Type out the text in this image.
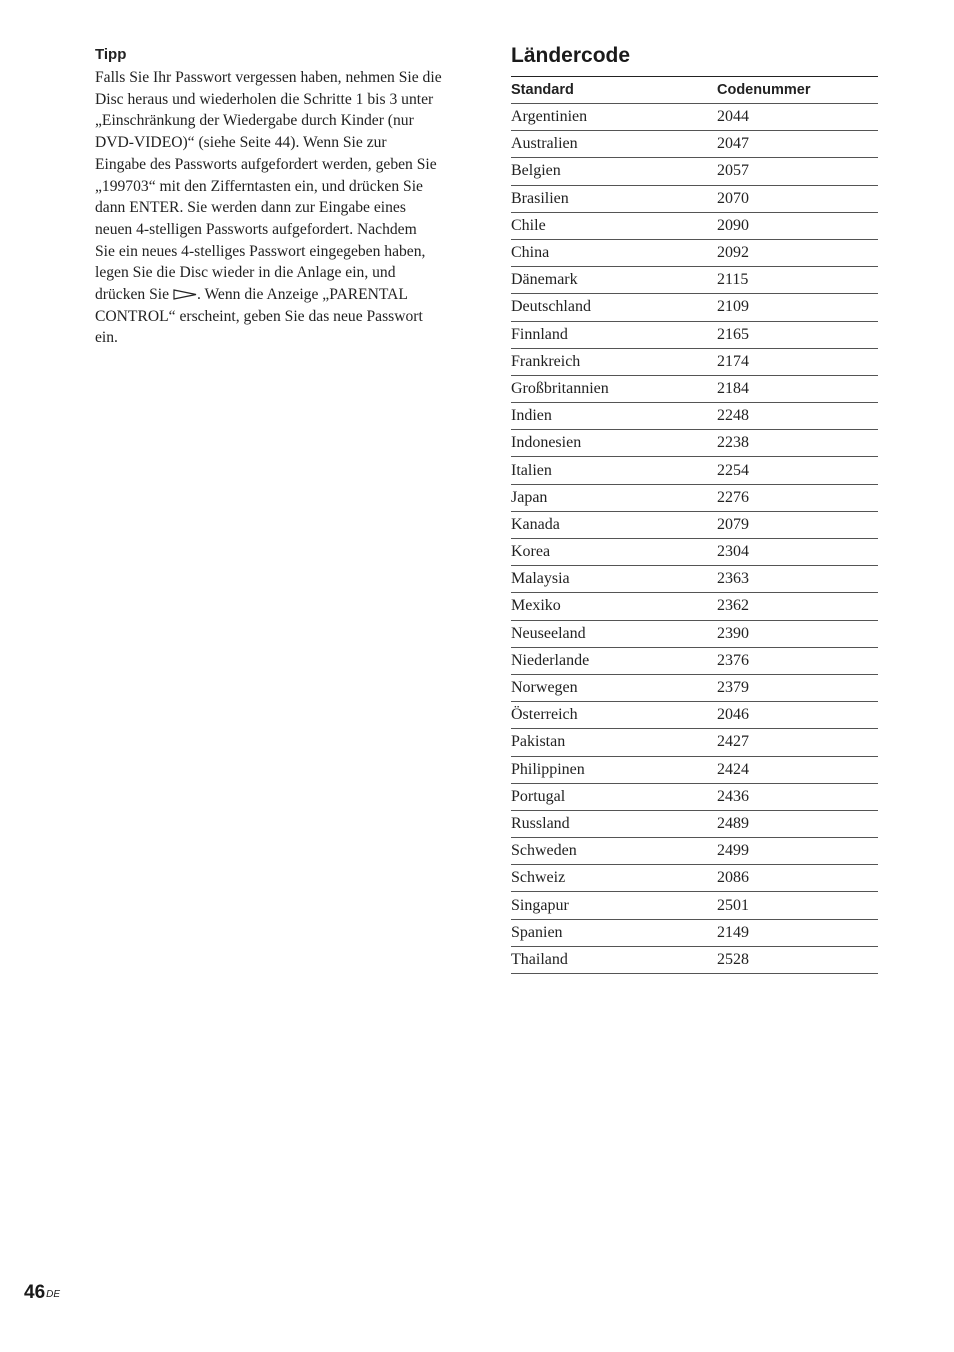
Tipp

Falls Sie Ihr Passwort vergessen haben, nehmen Sie die
Disc heraus und wiederholen die Schritte 1 bis 3 unter
„Einschränkung der Wiedergabe durch Kinder (nur
DVD-VIDEO)“ (siehe Seite 44). Wenn Sie zur
Eingabe des Passworts aufgefordert werden, geben Sie
„199703“ mit den Zifferntasten ein, und drücken Sie
dann ENTER. Sie werden dann zur Eingabe eines
neuen 4-stelligen Passworts aufgefordert. Nachdem
Sie ein neues 4-stelliges Passwort eingegeben haben,
legen Sie die Disc wieder in die Anlage ein, und
drücken Sie
. Wenn die Anzeige „PARENTAL
CONTROL“ erscheint, geben Sie das neue Passwort
ein.
Ländercode
Standard	Codenummer
Argentinien	2044
Australien	2047
Belgien	2057
Brasilien	2070
Chile	2090
China	2092
Dänemark	2115
Deutschland	2109
Finnland	2165
Frankreich	2174
Großbritannien	2184
Indien	2248
Indonesien	2238
Italien	2254
Japan	2276
Kanada	2079
Korea	2304
Malaysia	2363
Mexiko	2362
Neuseeland	2390
Niederlande	2376
Norwegen	2379
Österreich	2046
Pakistan	2427
Philippinen	2424
Portugal	2436
Russland	2489
Schweden	2499
Schweiz	2086
Singapur	2501
Spanien	2149
Thailand	2528
46DE
